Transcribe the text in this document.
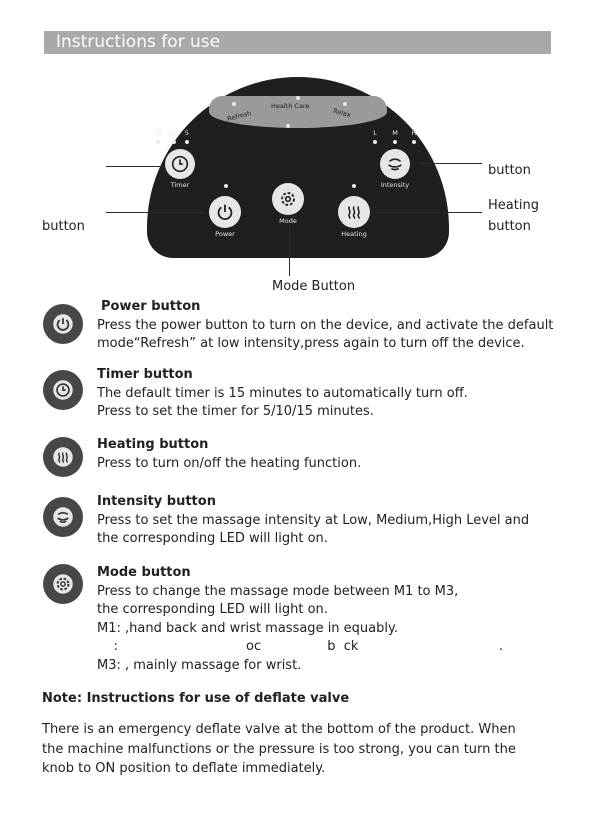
Instructions for use
Health Care
Refresh	Relax
15	10	5	L	M	H
Timer	Intensity
Power
Mode
Heating
button
Heating
button
button
Mode Button
Power button
Press the power button to turn on the device, and activate the default
mode“Refresh” at low intensity,press again to turn off the device.
Timer button
The default timer is 15 minutes to automatically turn off.
Press to set the timer for 5/10/15 minutes.
Heating button
Press to turn on/off the heating function.
Intensity button
Press to set the massage intensity at Low, Medium,High Level and
the corresponding LED will light on.
Mode button
Press to change the massage mode between M1 to M3,
the corresponding LED will light on.
M1: ,hand back and wrist massage in equably.
:                               oc                b  ck                                  .
M3: , mainly massage for wrist.
Note: Instructions for use of deflate valve
There is an emergency deflate valve at the bottom of the product. When
the machine malfunctions or the pressure is too strong, you can turn the
knob to ON position to deflate immediately.
